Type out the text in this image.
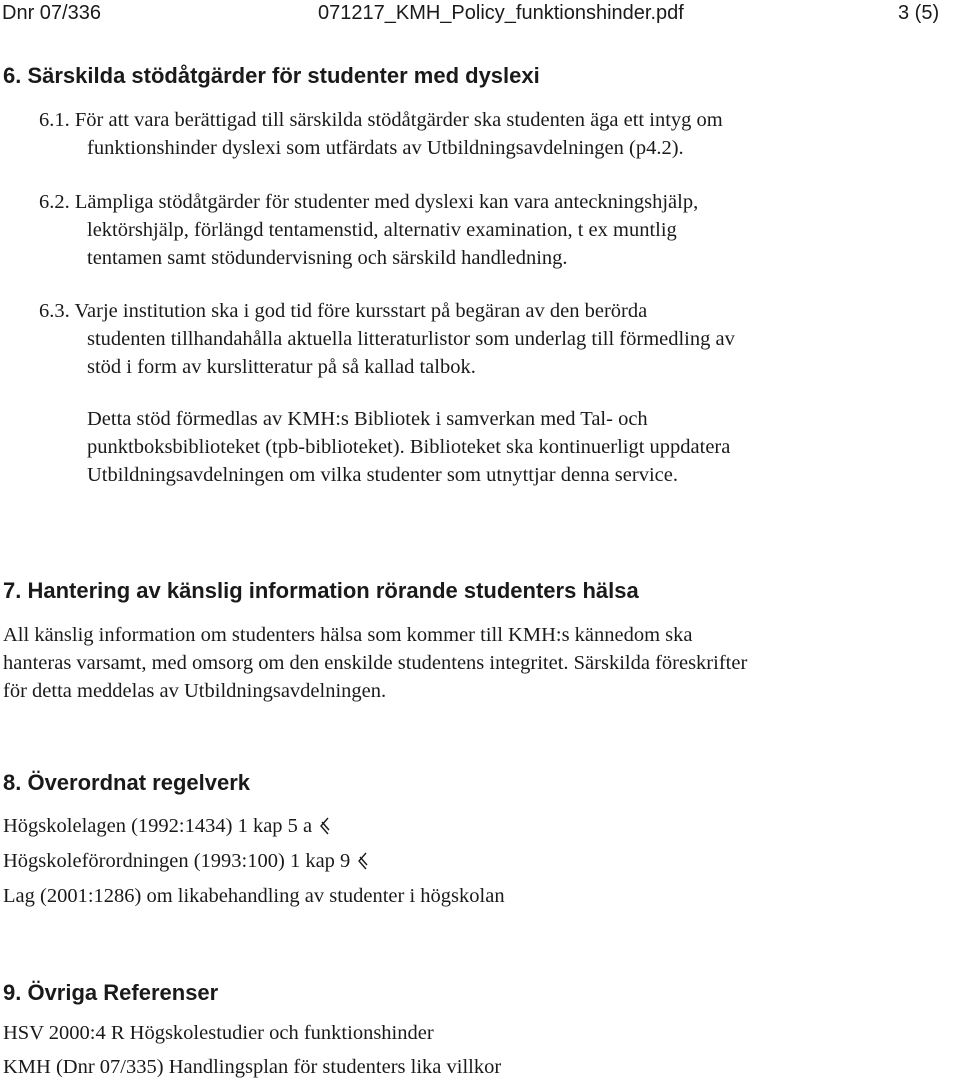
Dnr 07/336	071217_KMH_Policy_funktionshinder.pdf	3 (5)
6. Särskilda stödåtgärder för studenter med dyslexi

6.1. För att vara berättigad till särskilda stödåtgärder ska studenten äga ett intyg om

funktionshinder dyslexi som utfärdats av Utbildningsavdelningen (p4.2).

6.2. Lämpliga stödåtgärder för studenter med dyslexi kan vara anteckningshjälp,

lektörshjälp, förlängd tentamenstid, alternativ examination, t ex muntlig

tentamen samt stödundervisning och särskild handledning.

6.3. Varje institution ska i god tid före kursstart på begäran av den berörda

studenten tillhandahålla aktuella litteraturlistor som underlag till förmedling av

stöd i form av kurslitteratur på så kallad talbok.

Detta stöd förmedlas av KMH:s Bibliotek i samverkan med Tal- och

punktboksbiblioteket (tpb-biblioteket). Biblioteket ska kontinuerligt uppdatera

Utbildningsavdelningen om vilka studenter som utnyttjar denna service.

7. Hantering av känslig information rörande studenters hälsa

All känslig information om studenters hälsa som kommer till KMH:s kännedom ska

hanteras varsamt, med omsorg om den enskilde studentens integritet. Särskilda föreskrifter

för detta meddelas av Utbildningsavdelningen.

8. Överordnat regelverk
Högskolelagen (1992:1434) 1 kap 5 a
Högskoleförordningen (1993:100) 1 kap 9
Lag (2001:1286) om likabehandling av studenter i högskolan
9. Övriga Referenser
HSV 2000:4 R Högskolestudier och funktionshinder
KMH (Dnr 07/335) Handlingsplan för studenters lika villkor
